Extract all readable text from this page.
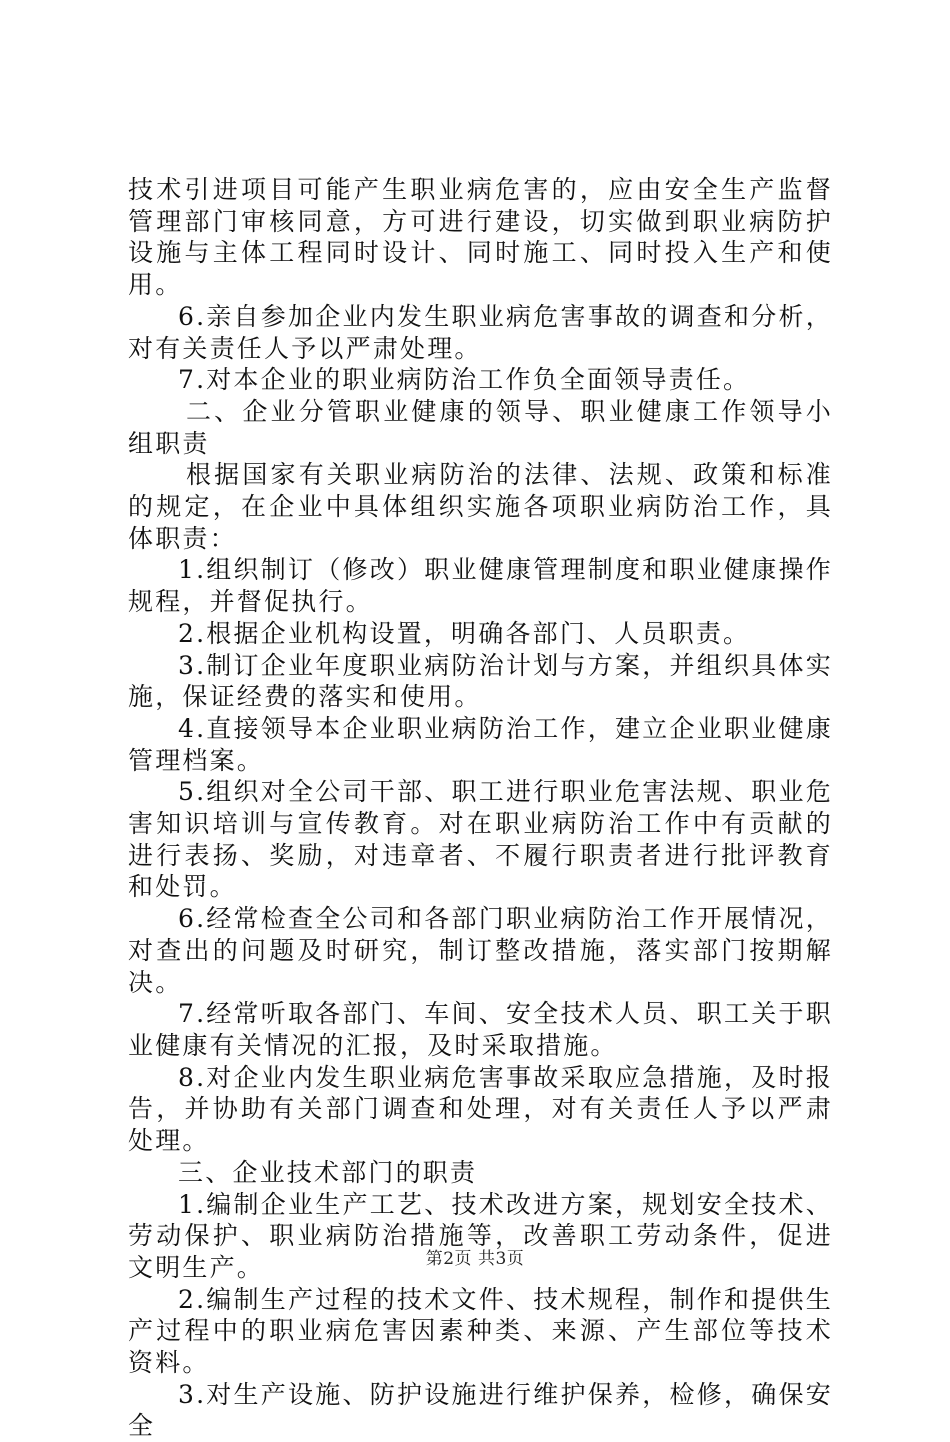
技术引进项目可能产生职业病危害的，应由安全生产监督管理部门审核同意，方可进行建设，切实做到职业病防护设施与主体工程同时设计、同时施工、同时投入生产和使用。

6.亲自参加企业内发生职业病危害事故的调查和分析，对有关责任人予以严肃处理。

7.对本企业的职业病防治工作负全面领导责任。

二、企业分管职业健康的领导、职业健康工作领导小组职责

根据国家有关职业病防治的法律、法规、政策和标准的规定，在企业中具体组织实施各项职业病防治工作，具体职责：

1.组织制订（修改）职业健康管理制度和职业健康操作规程，并督促执行。

2.根据企业机构设置，明确各部门、人员职责。

3.制订企业年度职业病防治计划与方案，并组织具体实施，保证经费的落实和使用。

4.直接领导本企业职业病防治工作，建立企业职业健康管理档案。

5.组织对全公司干部、职工进行职业危害法规、职业危害知识培训与宣传教育。对在职业病防治工作中有贡献的进行表扬、奖励，对违章者、不履行职责者进行批评教育和处罚。

6.经常检查全公司和各部门职业病防治工作开展情况，对查出的问题及时研究，制订整改措施，落实部门按期解决。

7.经常听取各部门、车间、安全技术人员、职工关于职业健康有关情况的汇报，及时采取措施。

8.对企业内发生职业病危害事故采取应急措施，及时报告，并协助有关部门调查和处理，对有关责任人予以严肃处理。

三、企业技术部门的职责

1.编制企业生产工艺、技术改进方案，规划安全技术、劳动保护、职业病防治措施等，改善职工劳动条件，促进文明生产。

2.编制生产过程的技术文件、技术规程，制作和提供生产过程中的职业病危害因素种类、来源、产生部位等技术资料。

3.对生产设施、防护设施进行维护保养，检修，确保安全

第2页 共3页
